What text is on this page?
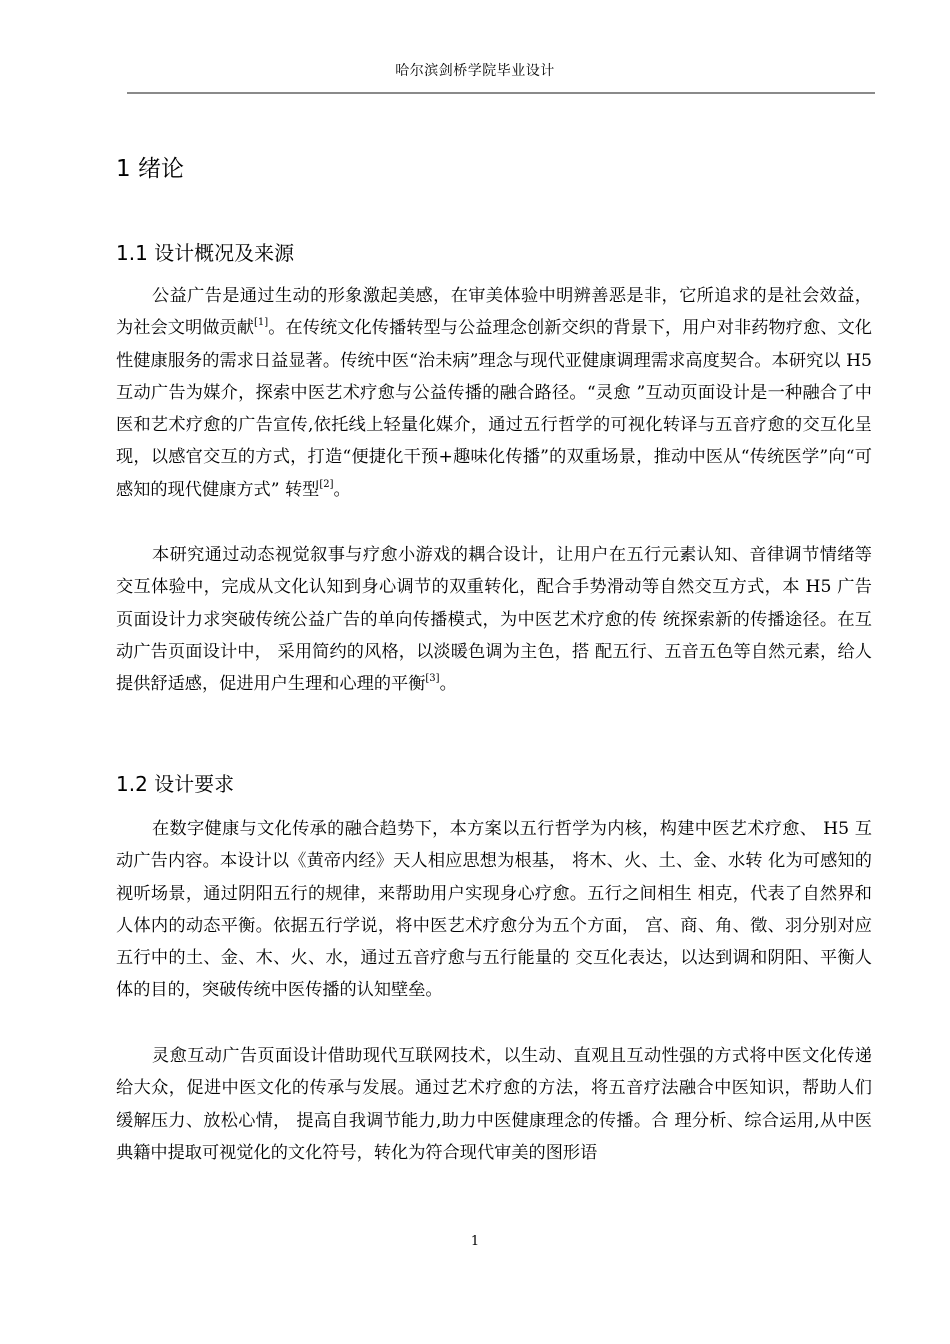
哈尔滨剑桥学院毕业设计
1 绪论
1.1 设计概况及来源

公益广告是通过生动的形象激起美感，在审美体验中明辨善恶是非，它所追求的是社会效益，为社会文明做贡献[1]。在传统文化传播转型与公益理念创新交织的背景下，用户对非药物疗愈、文化性健康服务的需求日益显著。传统中医“治未病”理念与现代亚健康调理需求高度契合。本研究以 H5 互动广告为媒介，探索中医艺术疗愈与公益传播的融合路径。“灵愈 ”互动页面设计是一种融合了中医和艺术疗愈的广告宣传,依托线上轻量化媒介，通过五行哲学的可视化转译与五音疗愈的交互化呈现，以感官交互的方式，打造“便捷化干预+趣味化传播”的双重场景，推动中医从“传统医学”向“可感知的现代健康方式” 转型[2]。

本研究通过动态视觉叙事与疗愈小游戏的耦合设计，让用户在五行元素认知、音律调节情绪等交互体验中，完成从文化认知到身心调节的双重转化，配合手势滑动等自然交互方式，本 H5 广告页面设计力求突破传统公益广告的单向传播模式，为中医艺术疗愈的传 统探索新的传播途径。在互动广告页面设计中， 采用简约的风格，以淡暖色调为主色，搭 配五行、五音五色等自然元素，给人提供舒适感，促进用户生理和心理的平衡[3]。

1.2 设计要求

在数字健康与文化传承的融合趋势下，本方案以五行哲学为内核，构建中医艺术疗愈、 H5 互动广告内容。本设计以《黄帝内经》天人相应思想为根基， 将木、火、土、金、水转 化为可感知的视听场景，通过阴阳五行的规律，来帮助用户实现身心疗愈。五行之间相生 相克，代表了自然界和人体内的动态平衡。依据五行学说，将中医艺术疗愈分为五个方面， 宫、商、角、徵、羽分别对应五行中的土、金、木、火、水，通过五音疗愈与五行能量的 交互化表达，以达到调和阴阳、平衡人体的目的，突破传统中医传播的认知壁垒。

灵愈互动广告页面设计借助现代互联网技术，以生动、直观且互动性强的方式将中医文化传递给大众，促进中医文化的传承与发展。通过艺术疗愈的方法，将五音疗法融合中医知识，帮助人们缓解压力、放松心情， 提高自我调节能力,助力中医健康理念的传播。合 理分析、综合运用,从中医典籍中提取可视觉化的文化符号，转化为符合现代审美的图形语

1
